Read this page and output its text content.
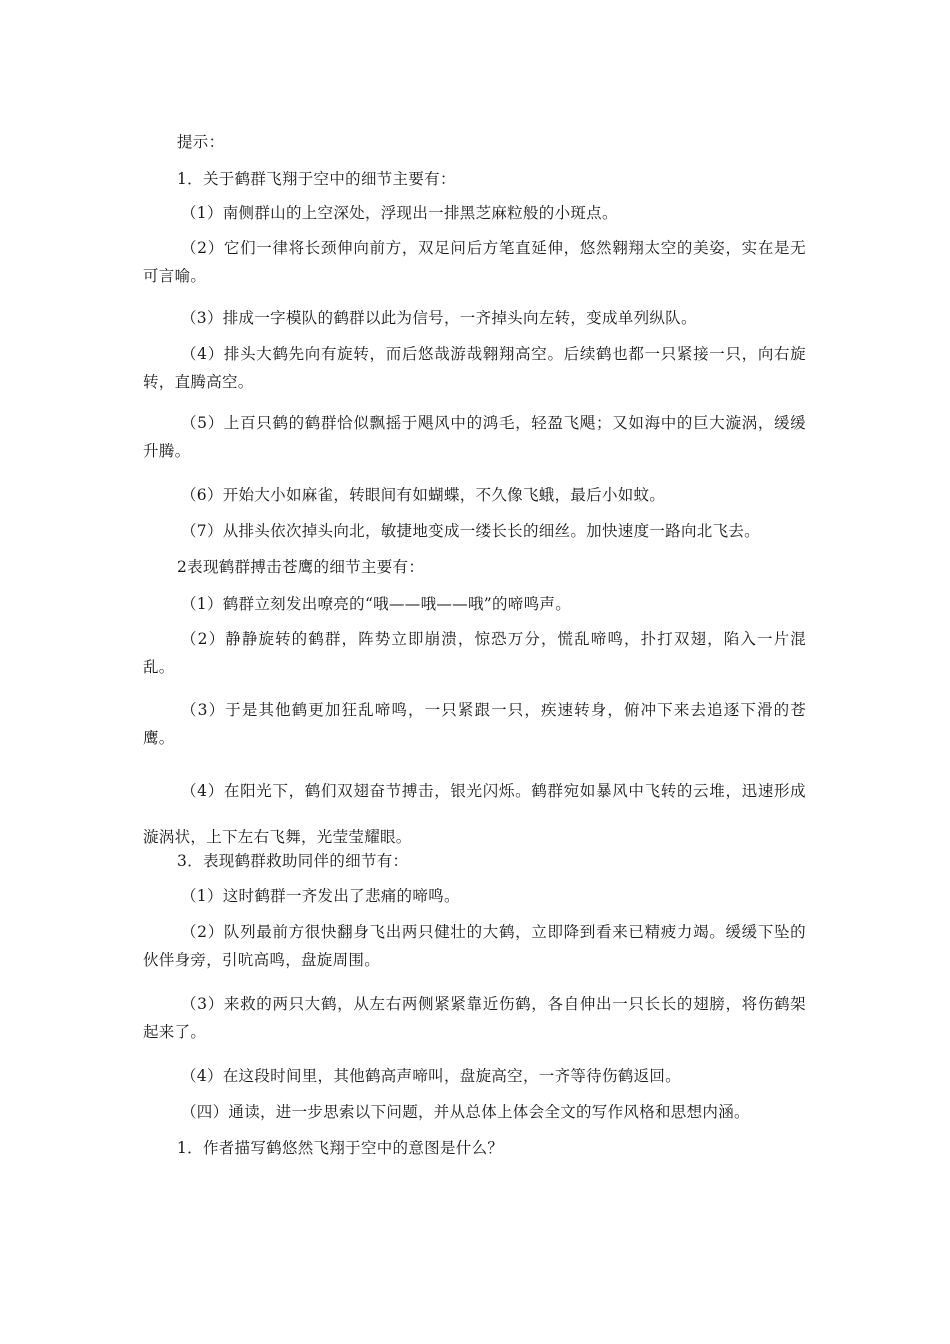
提示：

1．关于鹤群飞翔于空中的细节主要有：

（1）南侧群山的上空深处，浮现出一排黑芝麻粒般的小斑点。

（2）它们一律将长颈伸向前方，双足问后方笔直延伸，悠然翱翔太空的美姿，实在是无可言喻。

（3）排成一字模队的鹤群以此为信号，一齐掉头向左转，变成单列纵队。

（4）排头大鹤先向有旋转，而后悠哉游哉翱翔高空。后续鹤也都一只紧接一只，向右旋转，直腾高空。

（5）上百只鹤的鹤群恰似飘摇于飓风中的鸿毛，轻盈飞飓；又如海中的巨大漩涡，缓缓升腾。

（6）开始大小如麻雀，转眼间有如蝴蝶，不久像飞蛾，最后小如蚊。

（7）从排头依次掉头向北，敏捷地变成一缕长长的细丝。加快速度一路向北飞去。

2表现鹤群搏击苍鹰的细节主要有：

（1）鹤群立刻发出嘹亮的“哦——哦——哦”的啼鸣声。

（2）静静旋转的鹤群，阵势立即崩溃，惊恐万分，慌乱啼鸣，扑打双翅，陷入一片混乱。

（3）于是其他鹤更加狂乱啼鸣，一只紧跟一只，疾速转身，俯冲下来去追逐下滑的苍鹰。

（4）在阳光下，鹤们双翅奋节搏击，银光闪烁。鹤群宛如暴风中飞转的云堆，迅速形成漩涡状，上下左右飞舞，光莹莹耀眼。

3．表现鹤群救助同伴的细节有：

（1）这时鹤群一齐发出了悲痛的啼鸣。

（2）队列最前方很快翻身飞出两只健壮的大鹤，立即降到看来已精疲力竭。缓缓下坠的伙伴身旁，引吭高鸣，盘旋周围。

（3）来救的两只大鹤，从左右两侧紧紧靠近伤鹤，各自伸出一只长长的翅膀，将伤鹤架起来了。

（4）在这段时间里，其他鹤高声啼叫，盘旋高空，一齐等待伤鹤返回。

（四）通读，进一步思索以下问题，并从总体上体会全文的写作风格和思想内涵。

1．作者描写鹤悠然飞翔于空中的意图是什么？
